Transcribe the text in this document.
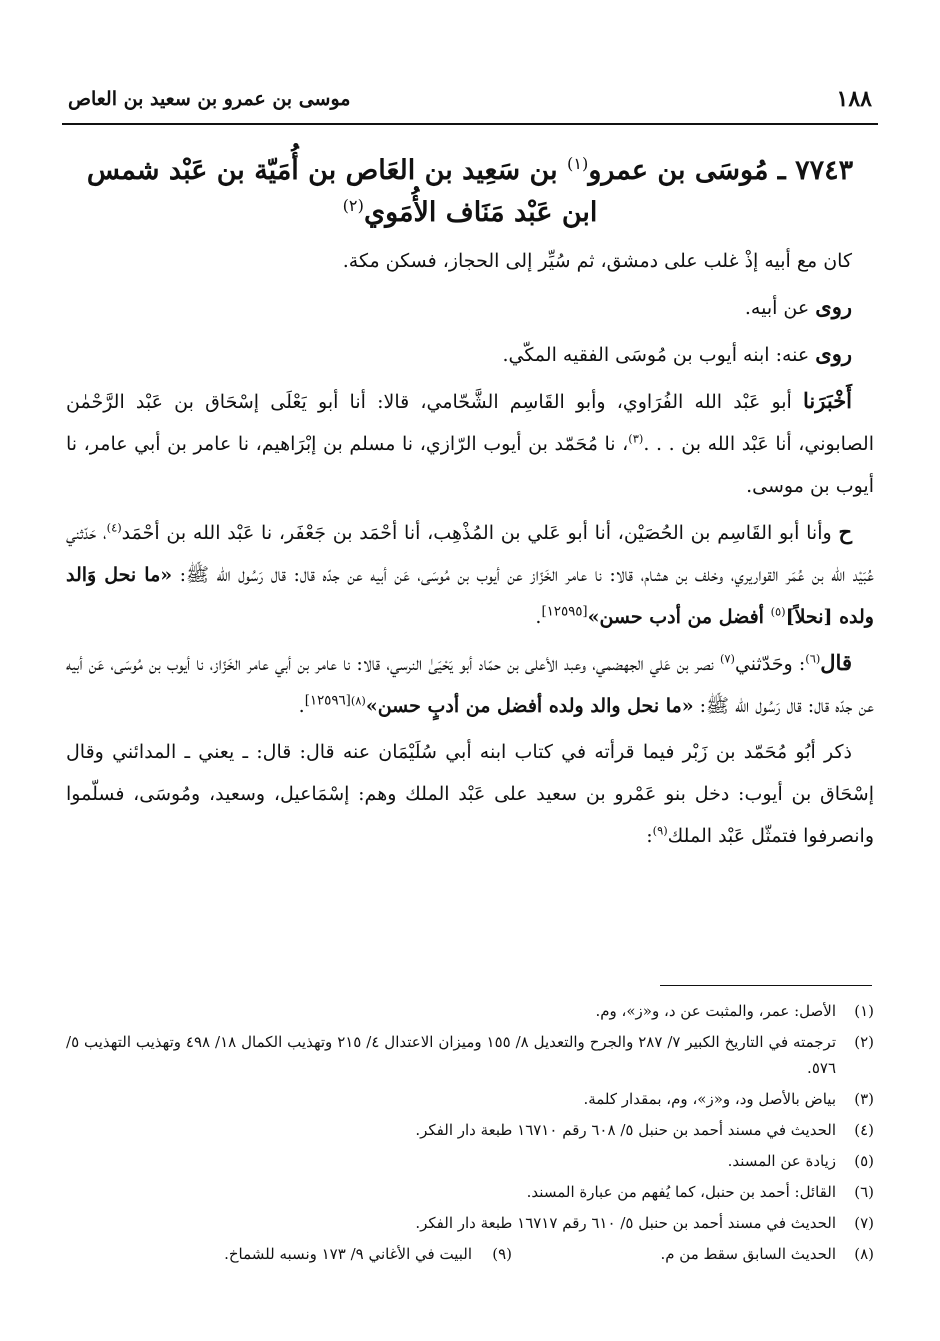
١٨٨
موسى بن عمرو بن سعيد بن العاص
٧٧٤٣ ـ مُوسَى بن عمرو$^{(١)}$ بن سَعِيد بن العَاص بن أُمَيّة بن عَبْد شمس
ابن عَبْد مَنَاف الأُمَوي$^{(٢)}$

كان مع أبيه إذْ غلب على دمشق، ثم سُيِّر إلى الحجاز، فسكن مكة.

روى عن أبيه.

روى عنه: ابنه أيوب بن مُوسَى الفقيه المكّي.

أَخْبَرَنا أبو عَبْد الله الفُرَاوي، وأبو القَاسِم الشَّحّامي، قالا: أنا أبو يَعْلَى إسْحَاق بن عَبْد الرَّحْمٰن الصابوني، أنا عَبْد الله بن . . .$^{(٣)}$، نا مُحَمّد بن أيوب الرّازي، نا مسلم بن إبْرَاهيم، نا عامر بن أبي عامر، نا أيوب بن موسى.

ح وأنا أبو القَاسِم بن الحُصَيْن، أنا أبو عَلي بن المُذْهِب، أنا أحْمَد بن جَعْفَر، نا عَبْد الله بن أحْمَد$^{(٤)}$، حَدّثني عُبَيْد الله بن عُمَر القواريري، وخلف بن هشام، قالا: نا عامر الخَزّاز عن أيوب بن مُوسَى، عَن أبيه عن جدّه قال: قال رَسُول الله ﷺ: «ما نحل وَالد ولده [نحلاً]$^{(٥)}$ أفضل من أدب حسن»[١٢٥٩٥].

قال$^{(٦)}$: وحَدّثني$^{(٧)}$ نصر بن عَلي الجهضمي، وعبد الأعلى بن حمّاد أبو يَحْيَىٰ النرسي، قالا: نا عامر بن أبي عامر الخَزّاز، نا أيوب بن مُوسَى، عَن أبيه عن جدّه قال: قال رَسُول الله ﷺ: «ما نحل والد ولده أفضل من أدبٍ حسن»$^{(٨)[١٢٥٩٦]}$.

ذكر أبُو مُحَمّد بن زَبْر فيما قرأته في كتاب ابنه أبي سُلَيْمَان عنه قال: قال: ـ يعني ـ المدائني وقال إسْحَاق بن أيوب: دخل بنو عَمْرو بن سعيد على عَبْد الملك وهم: إسْمَاعيل، وسعيد، ومُوسَى، فسلّموا وانصرفوا فتمثّل عَبْد الملك$^{(٩)}$:

(١)
الأصل: عمر، والمثبت عن د، و«ز»، وم.
(٢)
ترجمته في التاريخ الكبير ٧/ ٢٨٧ والجرح والتعديل ٨/ ١٥٥ وميزان الاعتدال ٤/ ٢١٥ وتهذيب الكمال ١٨/ ٤٩٨ وتهذيب التهذيب ٥/ ٥٧٦.
(٣)
بياض بالأصل ود، و«ز»، وم، بمقدار كلمة.
(٤)
الحديث في مسند أحمد بن حنبل ٥/ ٦٠٨ رقم ١٦٧١٠ طبعة دار الفكر.
(٥)
زيادة عن المسند.
(٦)
القائل: أحمد بن حنبل، كما يُفهم من عبارة المسند.
(٧)
الحديث في مسند أحمد بن حنبل ٥/ ٦١٠ رقم ١٦٧١٧ طبعة دار الفكر.
(٨)
الحديث السابق سقط من م.
(٩)
البيت في الأغاني ٩/ ١٧٣ ونسبه للشماخ.
